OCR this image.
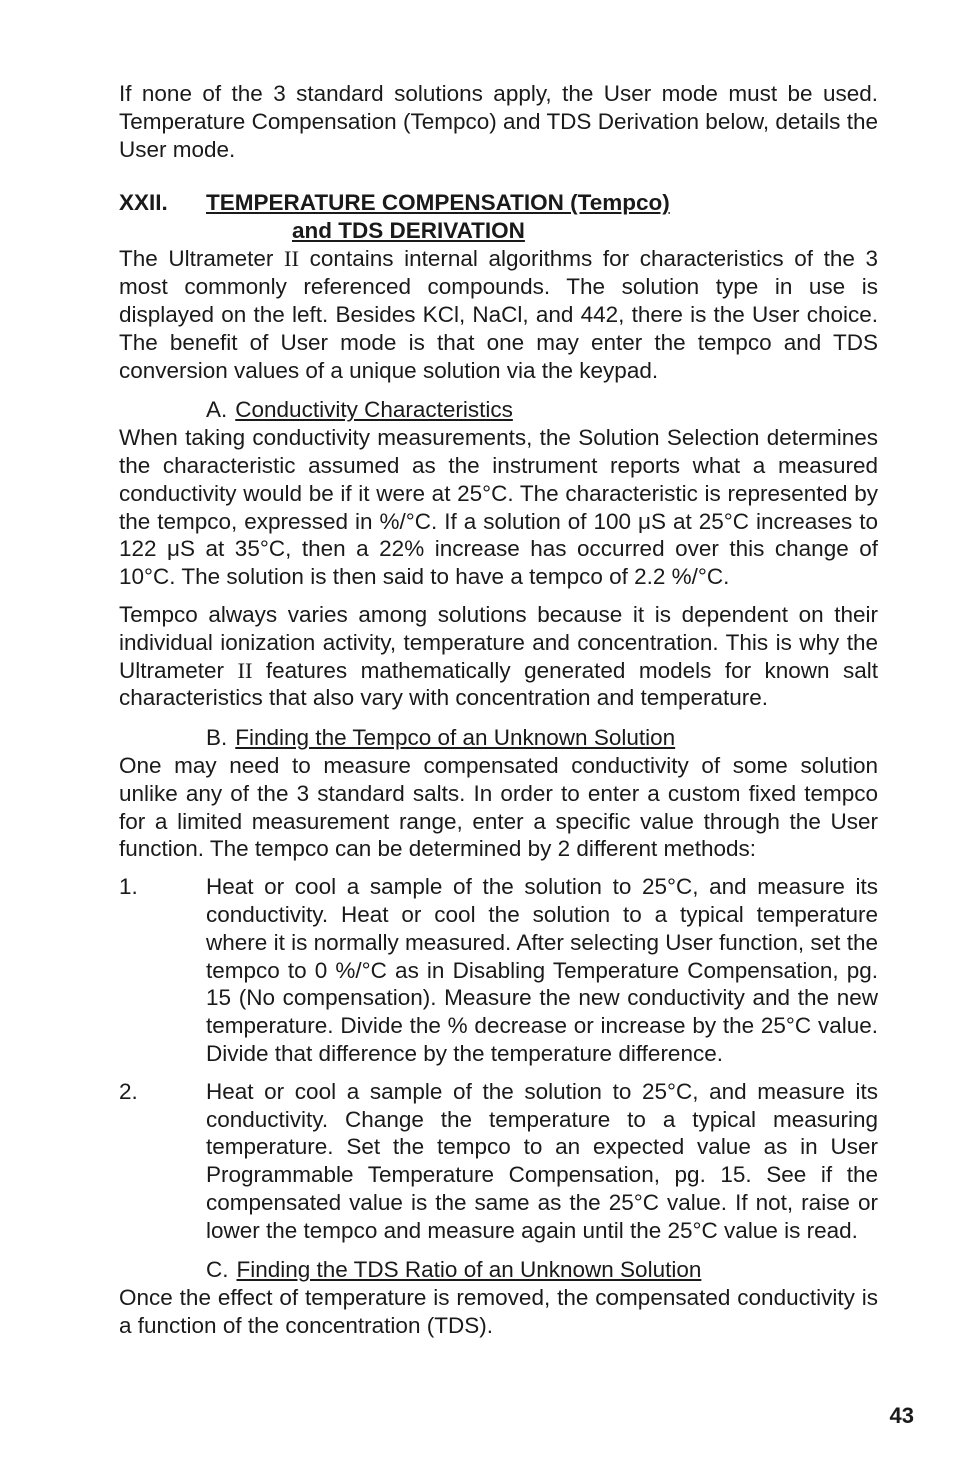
If none of the 3 standard solutions apply, the User mode must be used. Temperature Compensation (Tempco) and TDS Derivation below, details the User mode.

XXII. TEMPERATURE COMPENSATION (Tempco)
and TDS DERIVATION

The Ultrameter II contains internal algorithms for characteristics of the 3 most commonly referenced compounds. The solution type in use is displayed on the left. Besides KCl, NaCl, and 442, there is the User choice. The benefit of User mode is that one may enter the tempco and TDS conversion values of a unique solution via the keypad.

A. Conductivity Characteristics

When taking conductivity measurements, the Solution Selection determines the characteristic assumed as the instrument reports what a measured conductivity would be if it were at 25°C. The characteristic is represented by the tempco, expressed in %/°C. If a solution of 100 μS at 25°C increases to 122 μS at 35°C, then a 22% increase has occurred over this change of 10°C. The solution is then said to have a tempco of 2.2 %/°C.

Tempco always varies among solutions because it is dependent on their individual ionization activity, temperature and concentration. This is why the Ultrameter II features mathematically generated models for known salt characteristics that also vary with concentration and temperature.

B. Finding the Tempco of an Unknown Solution

One may need to measure compensated conductivity of some solution unlike any of the 3 standard salts. In order to enter a custom fixed tempco for a limited measurement range, enter a specific value through the User function. The tempco can be determined by 2 different methods:

1.	Heat or cool a sample of the solution to 25°C, and measure its conductivity. Heat or cool the solution to a typical temperature where it is normally measured. After selecting User function, set the tempco to 0 %/°C as in Disabling Temperature Compensation, pg. 15 (No compensation). Measure the new conductivity and the new temperature. Divide the % decrease or increase by the 25°C value. Divide that difference by the temperature difference.

2.	Heat or cool a sample of the solution to 25°C, and measure its conductivity. Change the temperature to a typical measuring temperature. Set the tempco to an expected value as in User Programmable Temperature Compensation, pg. 15. See if the compensated value is the same as the 25°C value. If not, raise or lower the tempco and measure again until the 25°C value is read.

C. Finding the TDS Ratio of an Unknown Solution

Once the effect of temperature is removed, the compensated conductivity is a function of the concentration (TDS).

43
